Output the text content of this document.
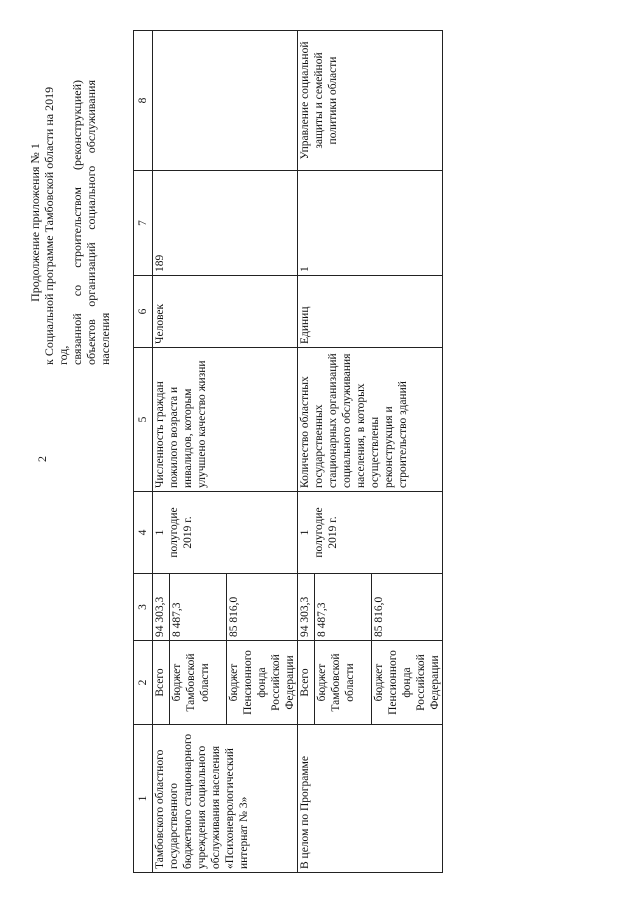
2
Продолжение приложения № 1 к Социальной программе Тамбовской области на 2019 год, связанной
со
строительством
(реконструкцией)
объектов
организаций
социального
обслуживания
населения
1	2	3	4	5	6	7	8
Тамбовского областного государственного бюджетного стационарного учреждения социального обслуживания населения «Психоневрологический интернат № 3»	Всего	94 303,3	1 полугодие 2019 г.	Численность граждан пожилого возраста и инвалидов, которым улучшено качество жизни	Человек	189	
	бюджет Тамбовской области	8 487,3					
	бюджет Пенсионного фонда Российской Федерации	85 816,0					
В целом по Программе	Всего	94 303,3	1 полугодие 2019 г.	Количество областных государственных стационарных организаций социального обслуживания населения, в которых осуществлены реконструкция и строительство зданий	Единиц	1	Управление социальной защиты и семейной политики области
	бюджет Тамбовской области	8 487,3					
	бюджет Пенсионного фонда Российской Федерации	85 816,0					
